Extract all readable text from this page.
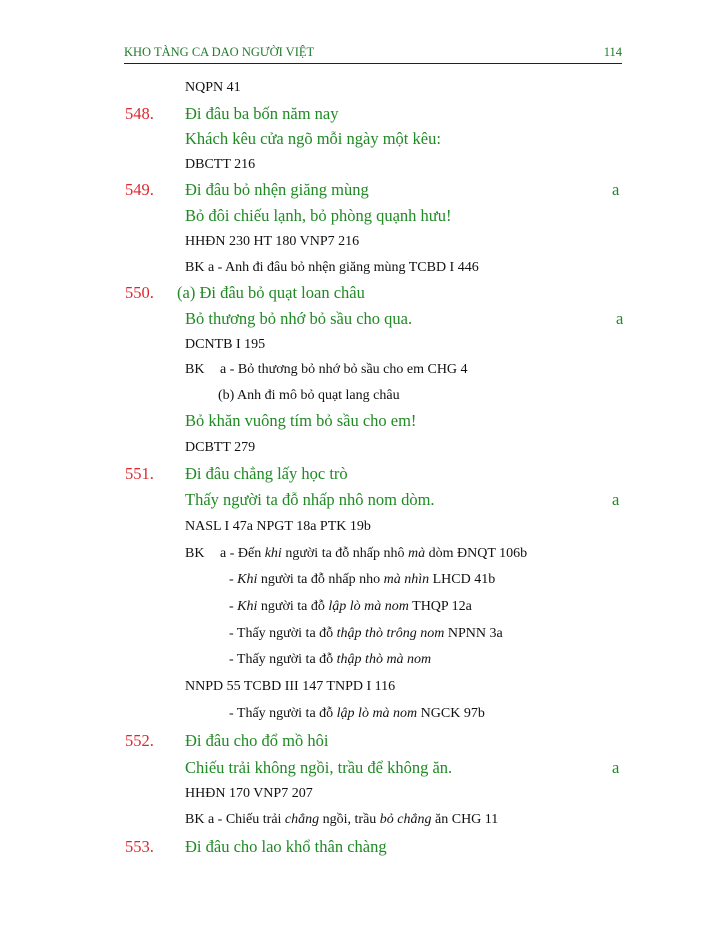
KHO TÀNG CA DAO NGƯỜI VIỆT	114
NQPN 41
548. Đi đâu ba bốn năm nay
Khách kêu cửa ngõ mỗi ngày một kêu:
DBCTT 216
549. Đi đâu bỏ nhện giăng mùng	a
Bỏ đôi chiếu lạnh, bỏ phòng quạnh hưu!
HHĐN 230 HT 180 VNP7 216
BK a - Anh đi đâu bỏ nhện giăng mùng TCBD I 446
550. (a) Đi đâu bỏ quạt loan châu
Bỏ thương bỏ nhớ bỏ sầu cho qua.	a
DCNTB I 195
BK a - Bỏ thương bỏ nhớ bỏ sầu cho em CHG 4
(b) Anh đi mô bỏ quạt lang châu
Bỏ khăn vuông tím bỏ sầu cho em!
DCBTT 279
551. Đi đâu chẳng lấy học trò
Thấy người ta đỗ nhấp nhô nom dòm.	a
NASL I 47a NPGT 18a PTK 19b
BK a - Đến khi người ta đỗ nhấp nhô mà dòm ĐNQT 106b
- Khi người ta đỗ nhấp nho mà nhìn LHCD 41b
- Khi người ta đỗ lập lò mà nom THQP 12a
- Thấy người ta đỗ thập thò trông nom NPNN 3a
- Thấy người ta đỗ thập thò mà nom
NNPD 55 TCBD III 147 TNPD I 116
- Thấy người ta đỗ lập lò mà nom NGCK 97b
552. Đi đâu cho đổ mồ hôi
Chiếu trải không ngồi, trầu để không ăn.	a
HHĐN 170 VNP7 207
BK a - Chiếu trải chẳng ngồi, trầu bỏ chẳng ăn CHG 11
553. Đi đâu cho lao khổ thân chàng
